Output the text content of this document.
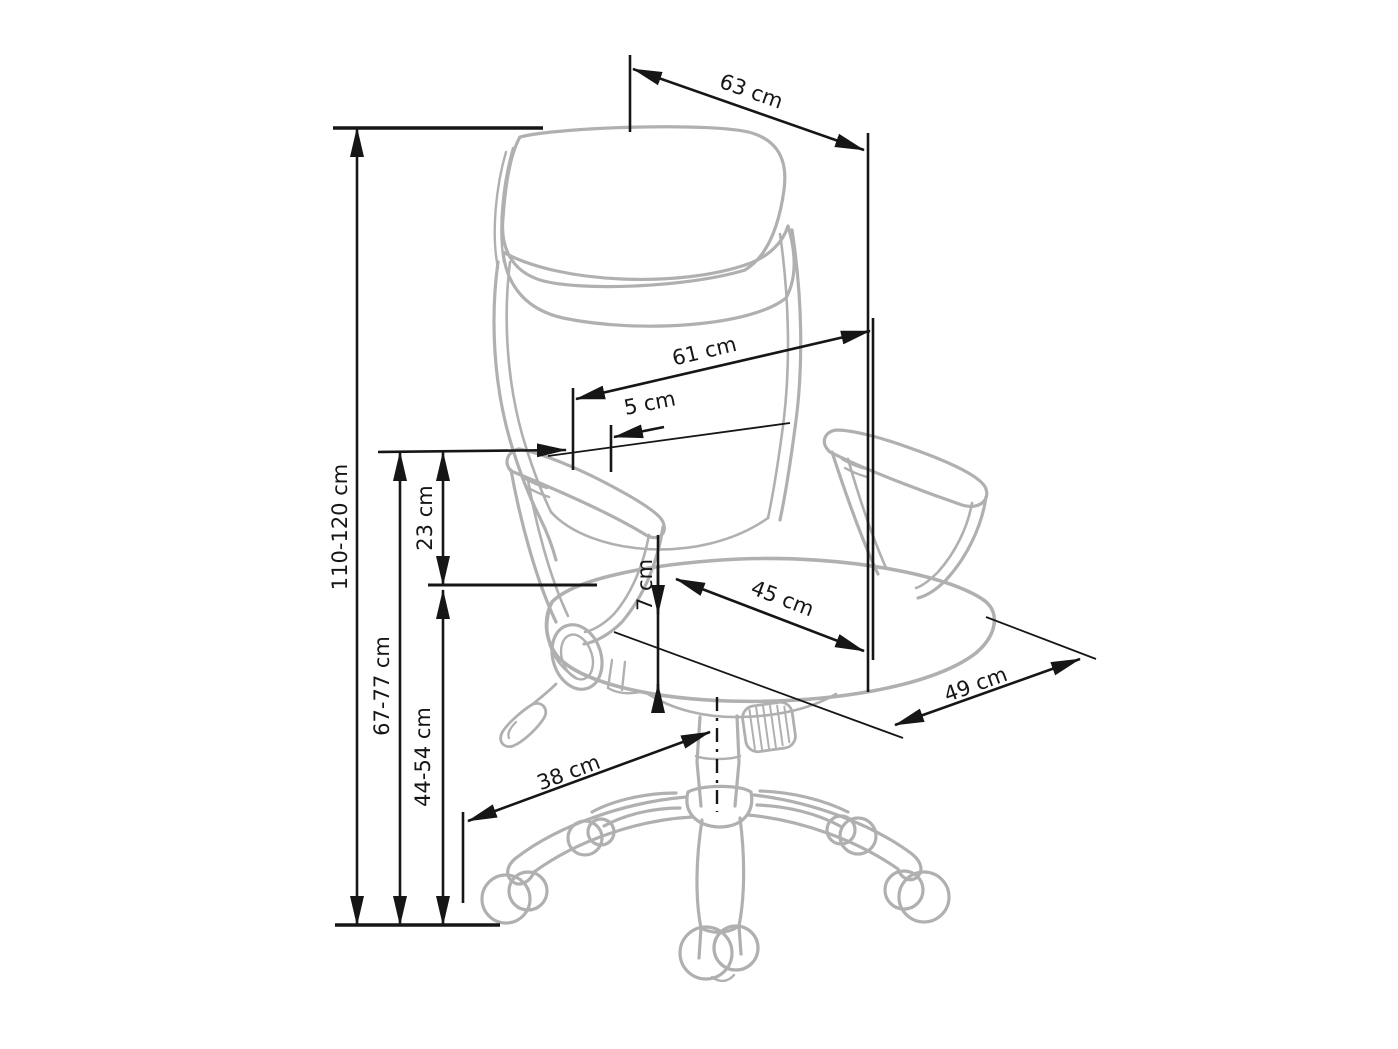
110-120 cm
63 cm
61 cm
5 cm
23 cm
67-77 cm
44-54 cm
7 cm	45 cm
49 cm
38 cm
